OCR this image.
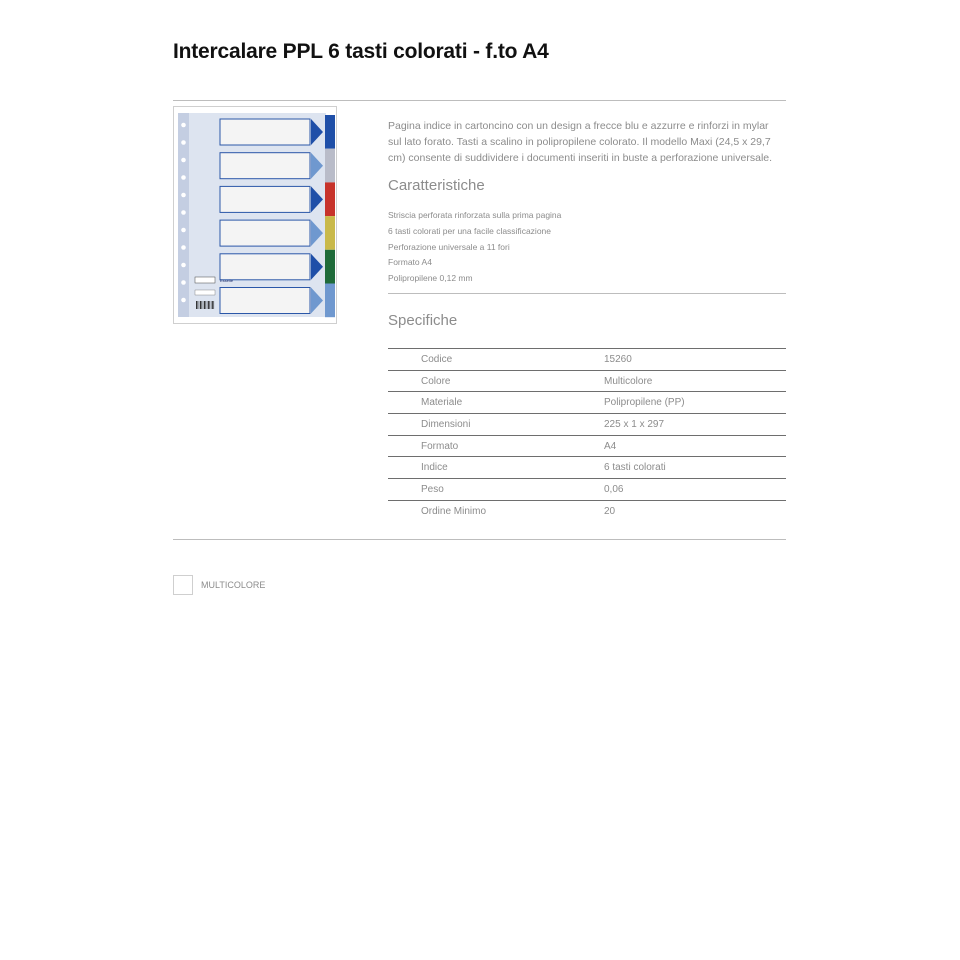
Intercalare PPL 6 tasti colorati - f.to A4
Esselte
Pagina indice in cartoncino con un design a frecce blu e azzurre e rinforzi in mylar sul lato forato. Tasti a scalino in polipropilene colorato. Il modello Maxi (24,5 x 29,7 cm) consente di suddividere i documenti inseriti in buste a perforazione universale.
Caratteristiche
Striscia perforata rinforzata sulla prima pagina
6 tasti colorati per una facile classificazione
Perforazione universale a 11 fori
Formato A4
Polipropilene 0,12 mm
Specifiche
Codice	15260
Colore	Multicolore
Materiale	Polipropilene (PP)
Dimensioni	225 x 1 x 297
Formato	A4
Indice	6 tasti colorati
Peso	0,06
Ordine Minimo	20
MULTICOLORE
